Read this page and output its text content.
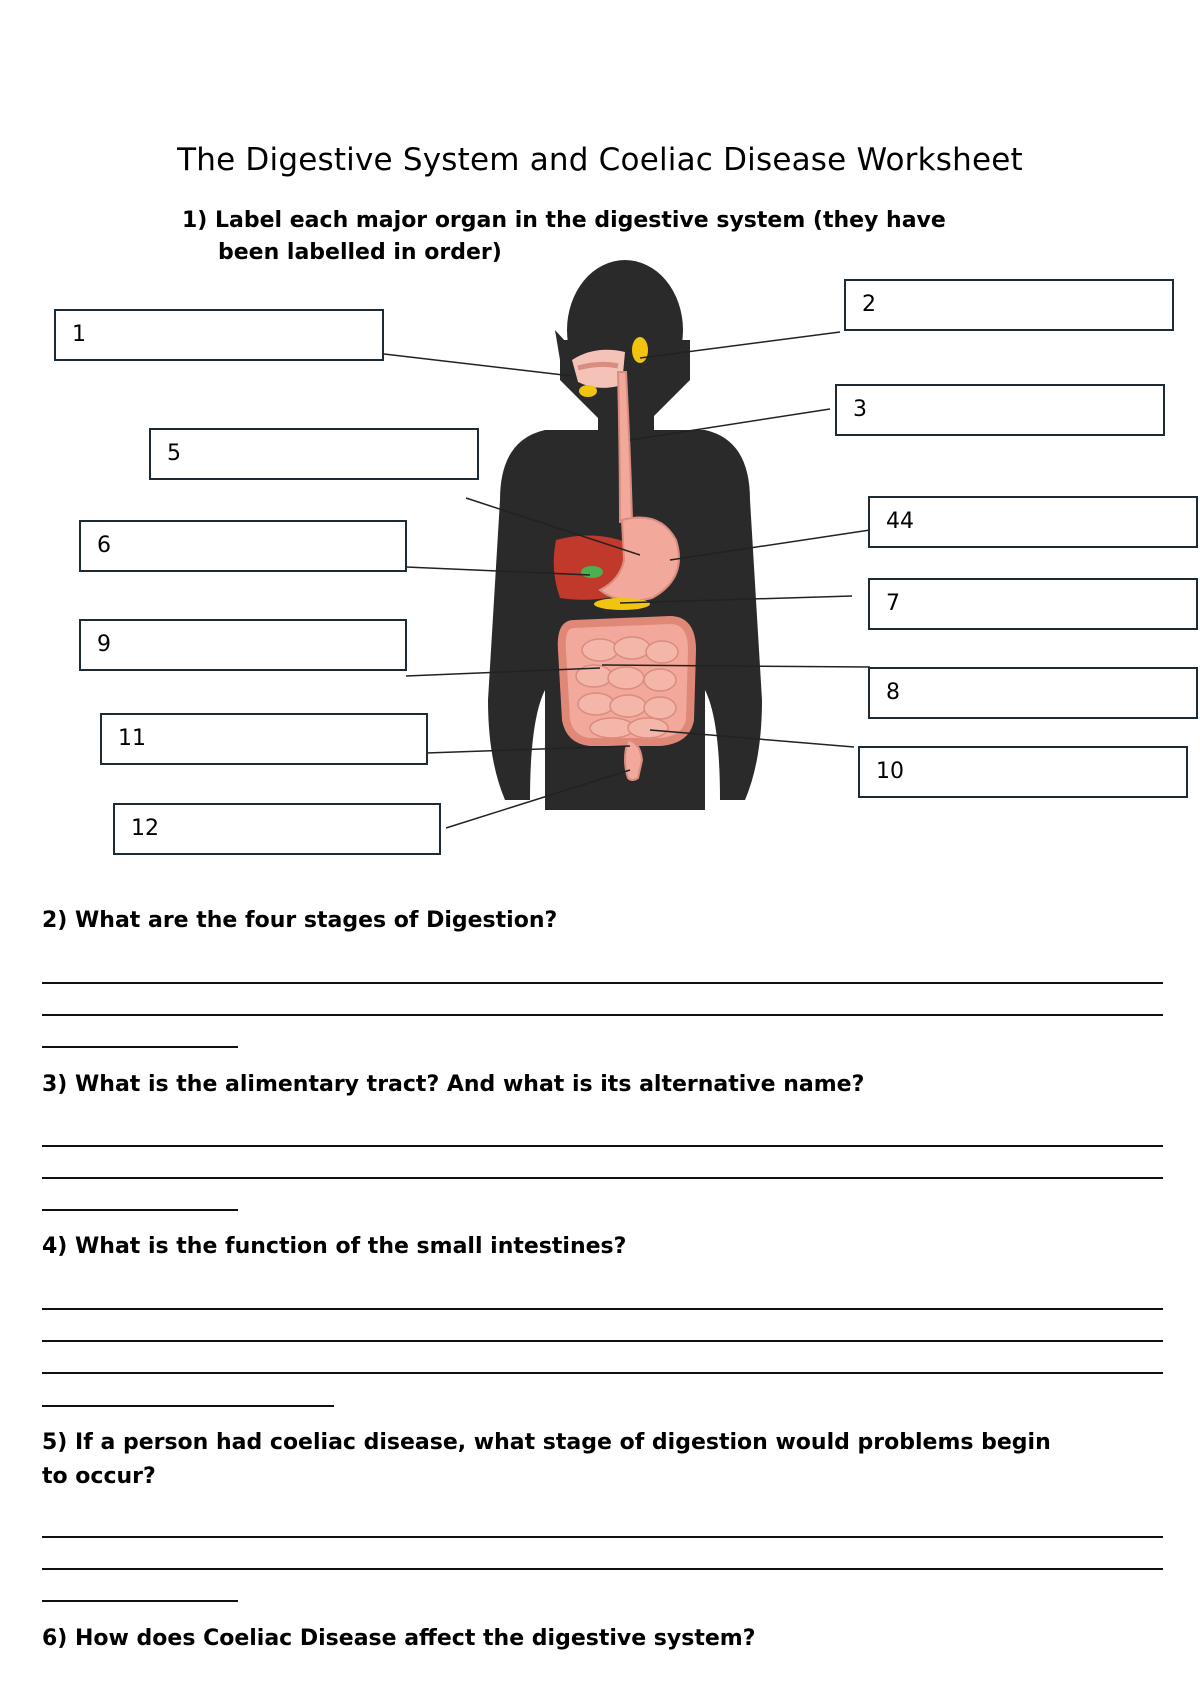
The Digestive System and Coeliac Disease Worksheet
1) Label each major organ in the digestive system (they have
been labelled in order)
1
2
3
5
44
6
7
9
8
11
10
12
2) What are the four stages of Digestion?
3) What is the alimentary tract? And what is its alternative name?
4) What is the function of the small intestines?
5) If a person had coeliac disease, what stage of digestion would problems begin
to occur?
6) How does Coeliac Disease affect the digestive system?
